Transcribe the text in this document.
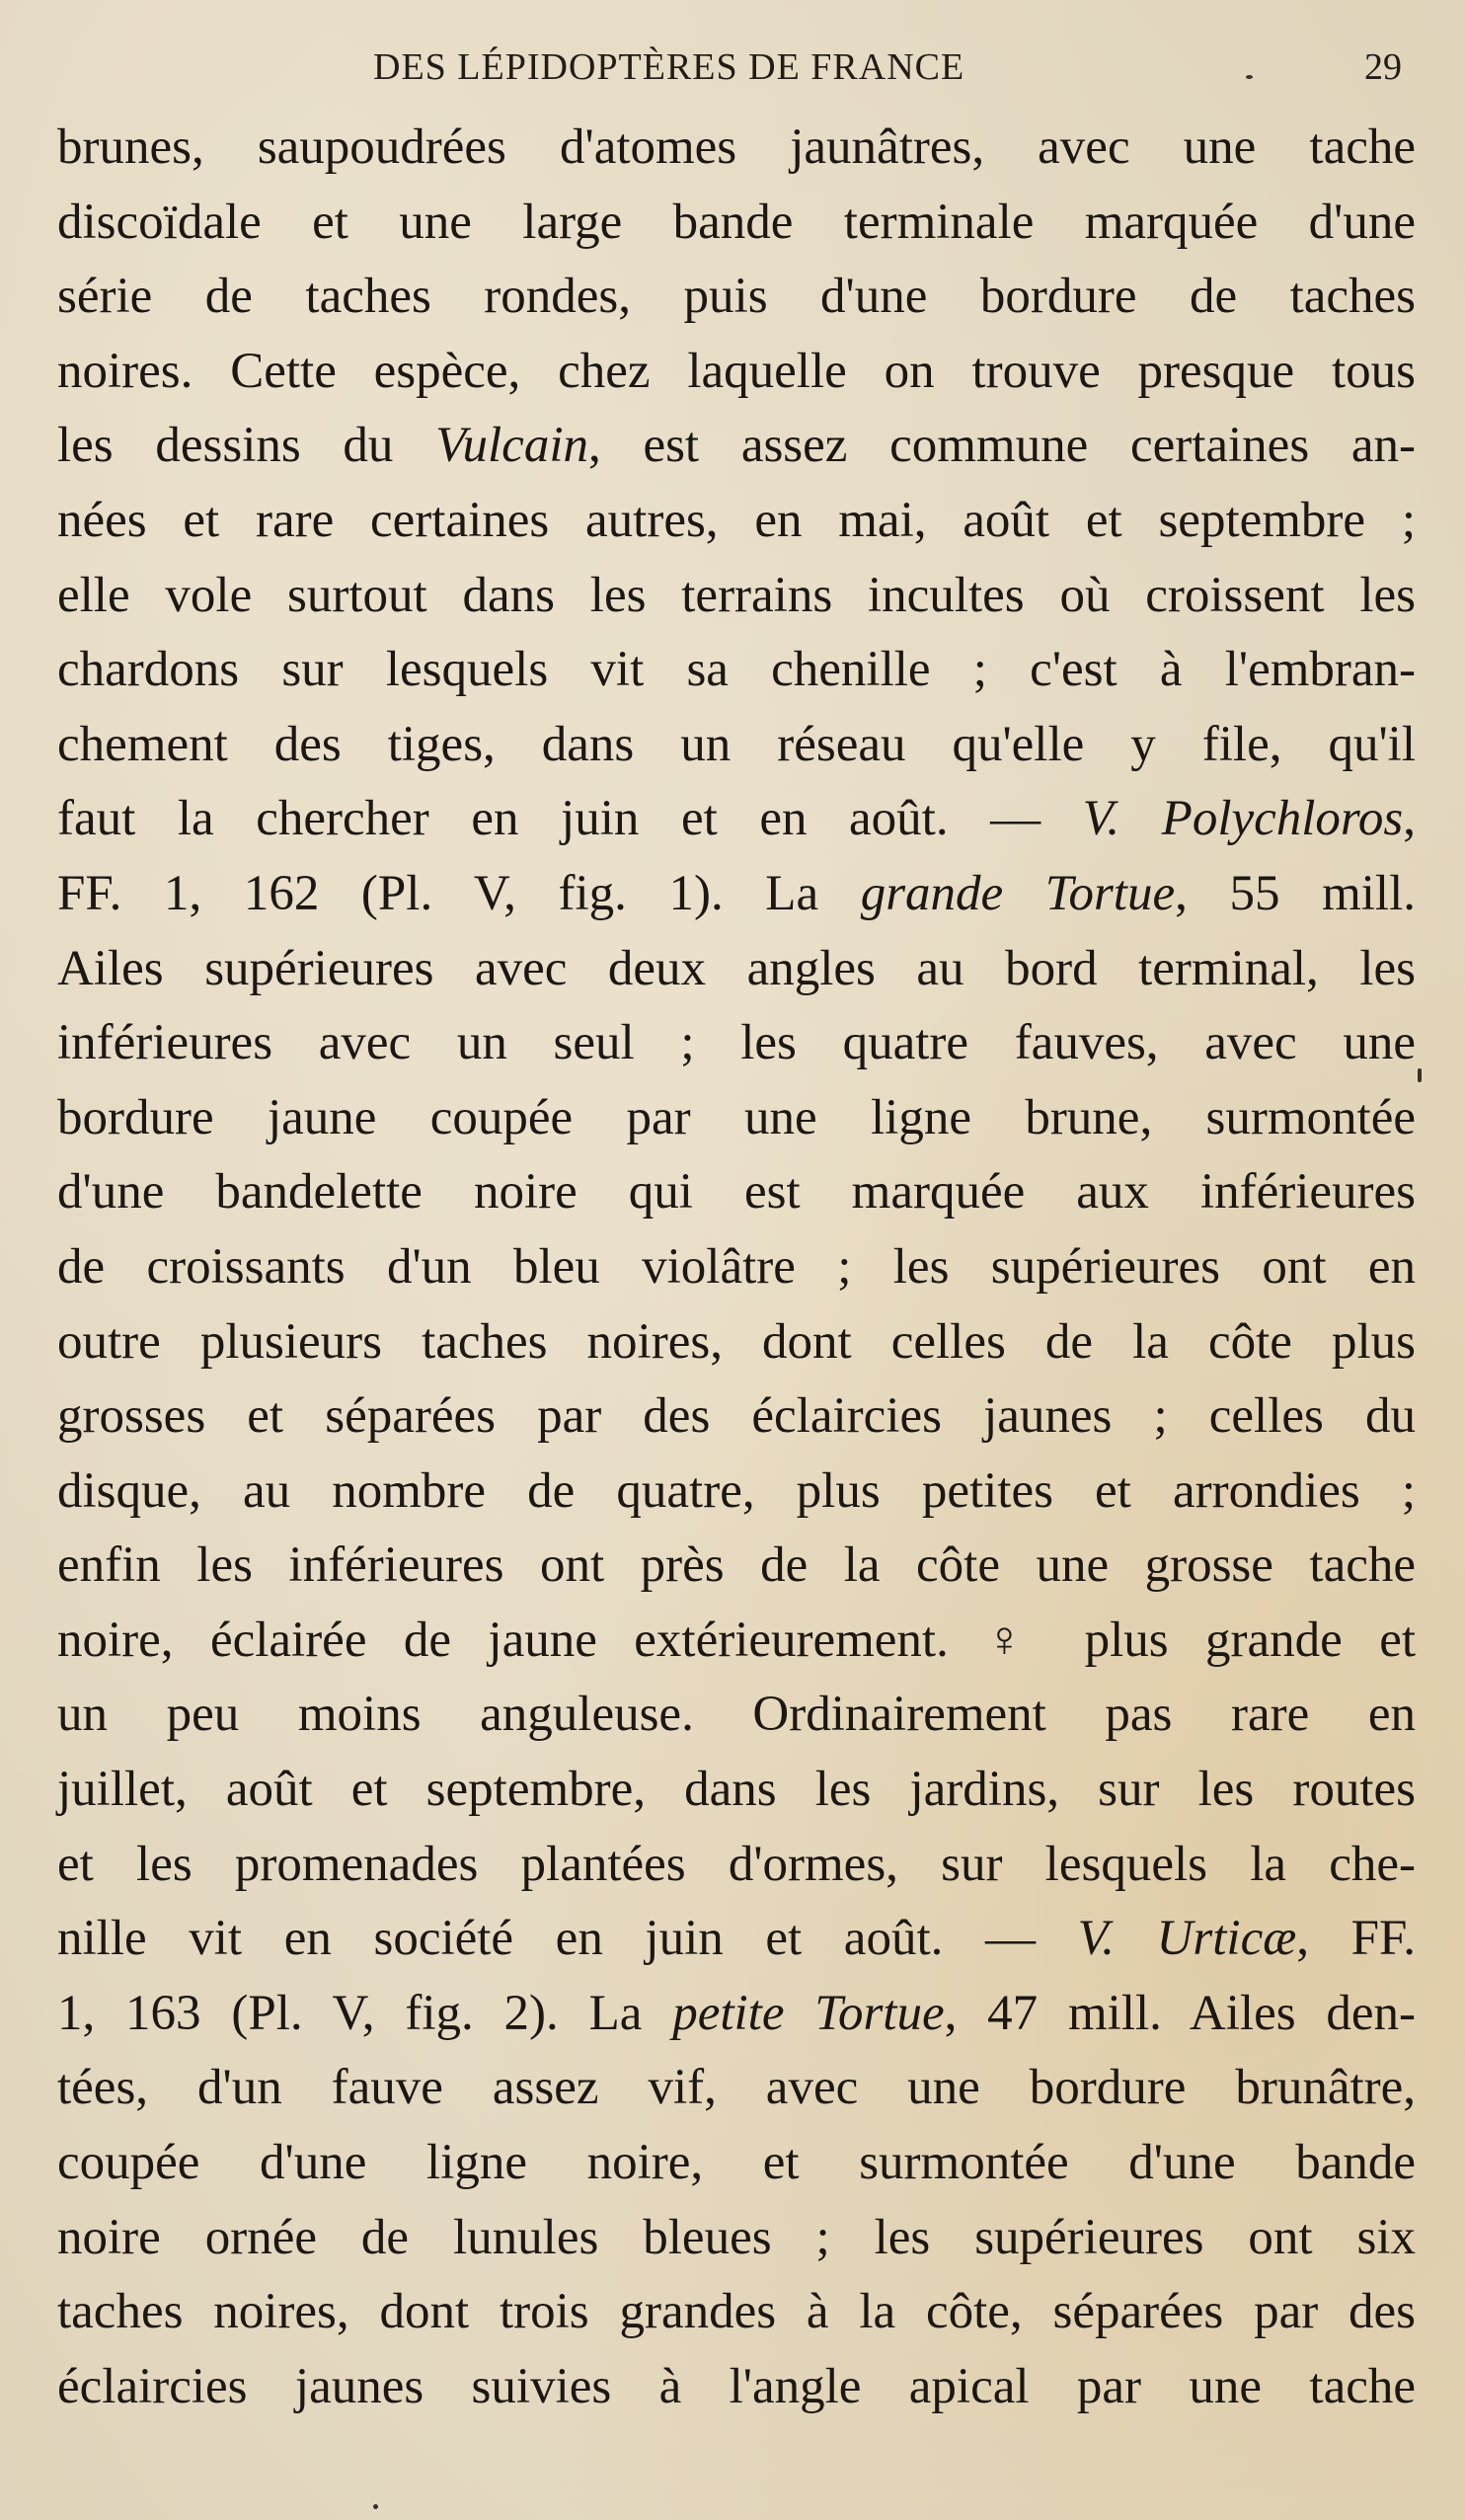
DES LÉPIDOPTÈRES DE FRANCE	29
brunes, saupoudrées d'atomes jaunâtres, avec une tache
discoïdale et une large bande terminale marquée d'une
série de taches rondes, puis d'une bordure de taches
noires. Cette espèce, chez laquelle on trouve presque tous
les dessins du Vulcain, est assez commune certaines an-
nées et rare certaines autres, en mai, août et septembre ;
elle vole surtout dans les terrains incultes où croissent les
chardons sur lesquels vit sa chenille ; c'est à l'embran-
chement des tiges, dans un réseau qu'elle y file, qu'il
faut la chercher en juin et en août. — V. Polychloros,
FF. 1, 162 (Pl. V, fig. 1). La grande Tortue, 55 mill.
Ailes supérieures avec deux angles au bord terminal, les
inférieures avec un seul ; les quatre fauves, avec une
bordure jaune coupée par une ligne brune, surmontée
d'une bandelette noire qui est marquée aux inférieures
de croissants d'un bleu violâtre ; les supérieures ont en
outre plusieurs taches noires, dont celles de la côte plus
grosses et séparées par des éclaircies jaunes ; celles du
disque, au nombre de quatre, plus petites et arrondies ;
enfin les inférieures ont près de la côte une grosse tache
noire, éclairée de jaune extérieurement. ♀ plus grande et
un peu moins anguleuse. Ordinairement pas rare en
juillet, août et septembre, dans les jardins, sur les routes
et les promenades plantées d'ormes, sur lesquels la che-
nille vit en société en juin et août. — V. Urticæ, FF.
1, 163 (Pl. V, fig. 2). La petite Tortue, 47 mill. Ailes den-
tées, d'un fauve assez vif, avec une bordure brunâtre,
coupée d'une ligne noire, et surmontée d'une bande
noire ornée de lunules bleues ; les supérieures ont six
taches noires, dont trois grandes à la côte, séparées par des
éclaircies jaunes suivies à l'angle apical par une tache
